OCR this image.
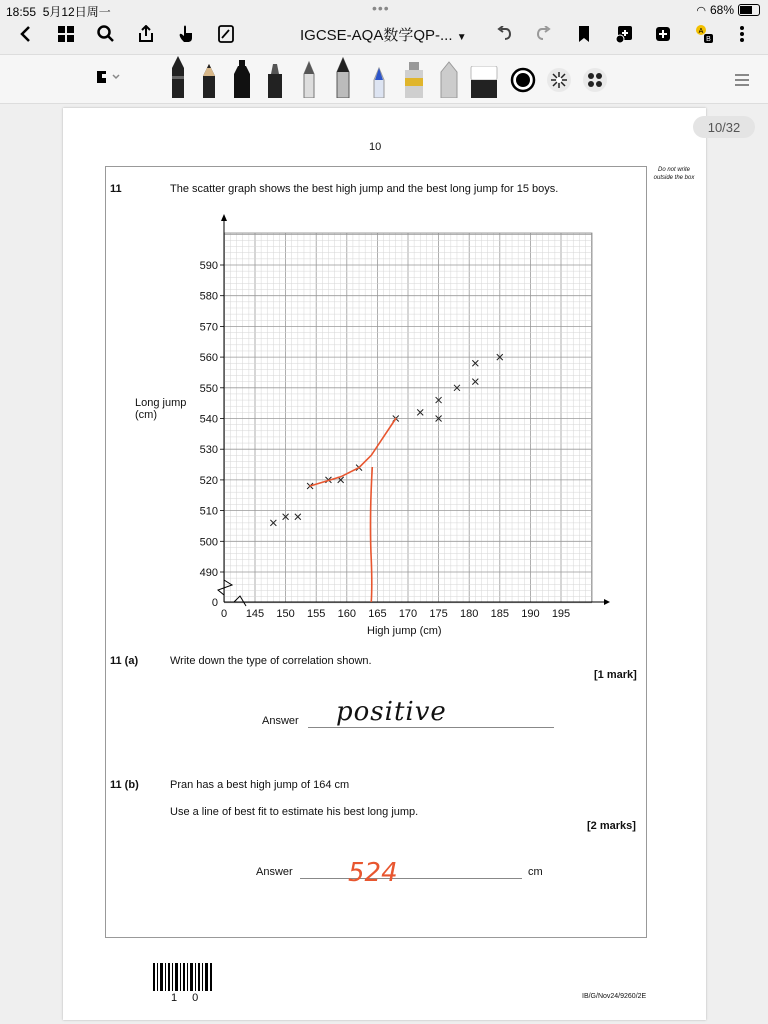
18:55 5月12日周一	•••	◠ 68%
IGCSE-AQA数学QP-... ▼
A
B
10/32
10
Do not write outside the box
11	The scatter graph shows the best high jump and the best long jump for 15 boys.
0 145 150 155 160 165 170 175 180 185 190 195
0
490
500
510
520
530
540
550
560
570
580
590
Long jump (cm)
High jump (cm)
11 (a)	Write down the type of correlation shown.
[1 mark]
Answer positive
11 (b)	Pran has a best high jump of 164 cm
Use a line of best fit to estimate his best long jump.
[2 marks]
Answer	cm
524
1 0	IB/G/Nov24/9260/2E
